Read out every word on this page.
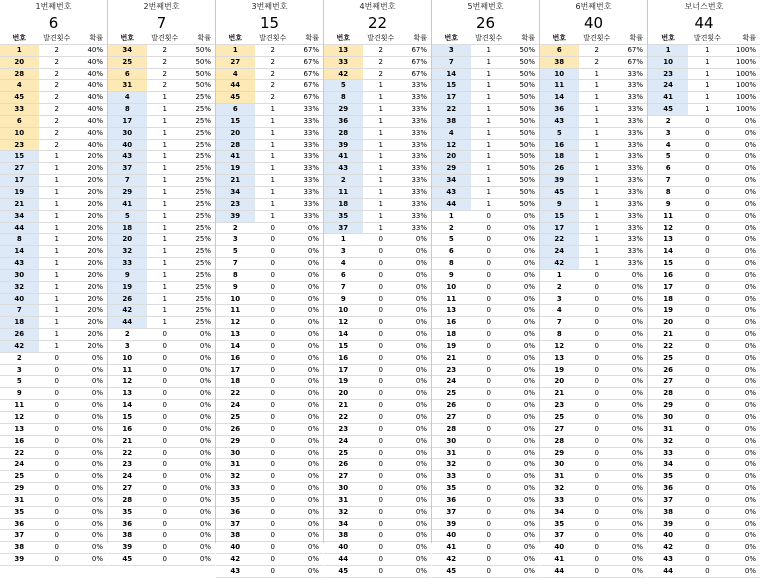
1번째번호
6
번호	발견횟수	확률
1	2	40%
20	2	40%
28	2	40%
4	2	40%
45	2	40%
33	2	40%
6	2	40%
10	2	40%
23	2	40%
15	1	20%
27	1	20%
17	1	20%
19	1	20%
21	1	20%
34	1	20%
44	1	20%
8	1	20%
14	1	20%
43	1	20%
30	1	20%
32	1	20%
40	1	20%
7	1	20%
18	1	20%
26	1	20%
42	1	20%
2	0	0%
3	0	0%
5	0	0%
9	0	0%
11	0	0%
12	0	0%
13	0	0%
16	0	0%
22	0	0%
24	0	0%
25	0	0%
29	0	0%
31	0	0%
35	0	0%
36	0	0%
37	0	0%
38	0	0%
39	0	0%
2번째번호
7
번호	발견횟수	확률
34	2	50%
25	2	50%
6	2	50%
31	2	50%
4	1	25%
8	1	25%
17	1	25%
30	1	25%
40	1	25%
43	1	25%
37	1	25%
7	1	25%
29	1	25%
41	1	25%
5	1	25%
18	1	25%
20	1	25%
32	1	25%
33	1	25%
9	1	25%
19	1	25%
26	1	25%
42	1	25%
44	1	25%
2	0	0%
3	0	0%
10	0	0%
11	0	0%
12	0	0%
13	0	0%
14	0	0%
15	0	0%
16	0	0%
21	0	0%
22	0	0%
23	0	0%
24	0	0%
27	0	0%
28	0	0%
35	0	0%
36	0	0%
38	0	0%
39	0	0%
45	0	0%
3번째번호
15
번호	발견횟수	확률
1	2	67%
27	2	67%
4	2	67%
44	2	67%
45	2	67%
6	1	33%
15	1	33%
20	1	33%
28	1	33%
41	1	33%
19	1	33%
21	1	33%
34	1	33%
23	1	33%
39	1	33%
2	0	0%
3	0	0%
5	0	0%
7	0	0%
8	0	0%
9	0	0%
10	0	0%
11	0	0%
12	0	0%
13	0	0%
14	0	0%
16	0	0%
17	0	0%
18	0	0%
22	0	0%
24	0	0%
25	0	0%
26	0	0%
29	0	0%
30	0	0%
31	0	0%
32	0	0%
33	0	0%
35	0	0%
36	0	0%
37	0	0%
38	0	0%
40	0	0%
42	0	0%
43	0	0%
4번째번호
22
번호	발견횟수	확률
13	2	67%
33	2	67%
42	2	67%
5	1	33%
8	1	33%
29	1	33%
36	1	33%
28	1	33%
39	1	33%
41	1	33%
43	1	33%
2	1	33%
11	1	33%
18	1	33%
35	1	33%
37	1	33%
1	0	0%
3	0	0%
4	0	0%
6	0	0%
7	0	0%
9	0	0%
10	0	0%
12	0	0%
14	0	0%
15	0	0%
16	0	0%
17	0	0%
19	0	0%
20	0	0%
21	0	0%
22	0	0%
23	0	0%
24	0	0%
25	0	0%
26	0	0%
27	0	0%
30	0	0%
31	0	0%
32	0	0%
34	0	0%
38	0	0%
40	0	0%
44	0	0%
45	0	0%
5번째번호
26
번호	발견횟수	확률
3	1	50%
7	1	50%
14	1	50%
15	1	50%
17	1	50%
22	1	50%
38	1	50%
4	1	50%
12	1	50%
20	1	50%
29	1	50%
34	1	50%
43	1	50%
44	1	50%
1	0	0%
2	0	0%
5	0	0%
6	0	0%
8	0	0%
9	0	0%
10	0	0%
11	0	0%
13	0	0%
16	0	0%
18	0	0%
19	0	0%
21	0	0%
23	0	0%
24	0	0%
25	0	0%
26	0	0%
27	0	0%
28	0	0%
30	0	0%
31	0	0%
32	0	0%
33	0	0%
35	0	0%
36	0	0%
37	0	0%
39	0	0%
40	0	0%
41	0	0%
42	0	0%
45	0	0%
6번째번호
40
번호	발견횟수	확률
6	2	67%
38	2	67%
10	1	33%
11	1	33%
14	1	33%
36	1	33%
43	1	33%
5	1	33%
16	1	33%
18	1	33%
26	1	33%
39	1	33%
45	1	33%
9	1	33%
15	1	33%
17	1	33%
22	1	33%
24	1	33%
42	1	33%
1	0	0%
2	0	0%
3	0	0%
4	0	0%
7	0	0%
8	0	0%
12	0	0%
13	0	0%
19	0	0%
20	0	0%
21	0	0%
23	0	0%
25	0	0%
27	0	0%
28	0	0%
29	0	0%
30	0	0%
31	0	0%
32	0	0%
33	0	0%
34	0	0%
35	0	0%
37	0	0%
40	0	0%
41	0	0%
44	0	0%
보너스번호
44
번호	발견횟수	확률
1	1	100%
10	1	100%
23	1	100%
24	1	100%
41	1	100%
45	1	100%
2	0	0%
3	0	0%
4	0	0%
5	0	0%
6	0	0%
7	0	0%
8	0	0%
9	0	0%
11	0	0%
12	0	0%
13	0	0%
14	0	0%
15	0	0%
16	0	0%
17	0	0%
18	0	0%
19	0	0%
20	0	0%
21	0	0%
22	0	0%
25	0	0%
26	0	0%
27	0	0%
28	0	0%
29	0	0%
30	0	0%
31	0	0%
32	0	0%
33	0	0%
34	0	0%
35	0	0%
36	0	0%
37	0	0%
38	0	0%
39	0	0%
40	0	0%
42	0	0%
43	0	0%
44	0	0%
